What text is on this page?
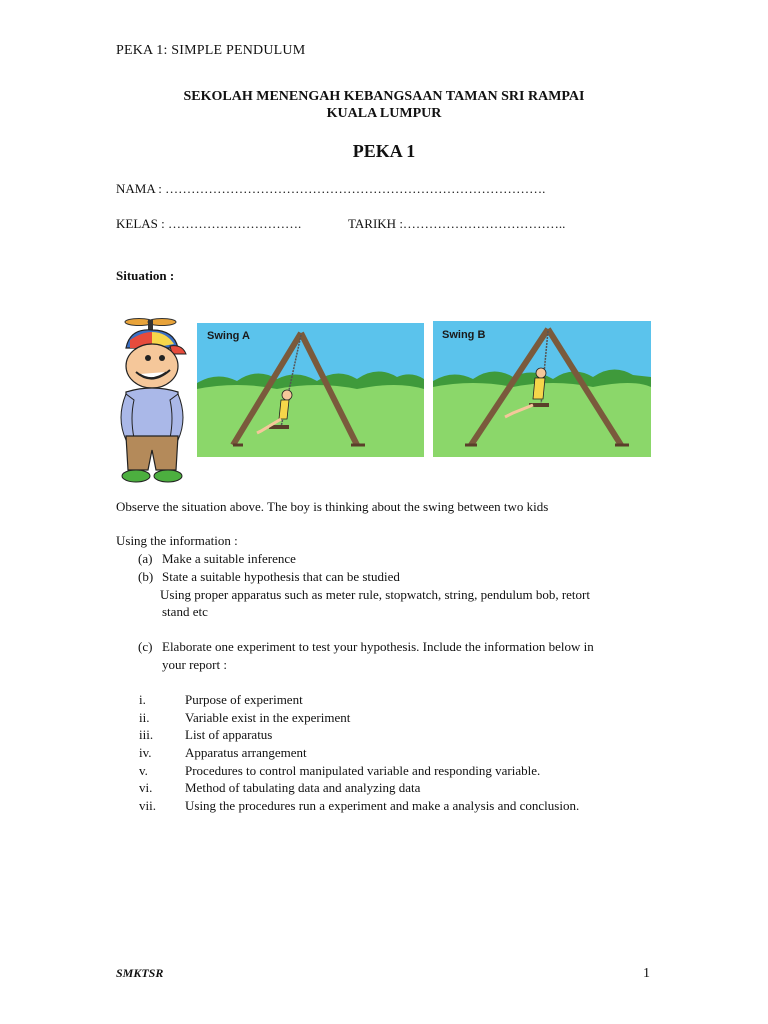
PEKA 1: SIMPLE PENDULUM
SEKOLAH MENENGAH KEBANGSAAN TAMAN SRI RAMPAI
KUALA LUMPUR
PEKA 1
NAMA : …………………………………………………………………………….
KELAS : ………………………….	TARIKH :………………………………..
Situation :
Swing A	Swing B
Observe the situation above. The boy is thinking about the swing between two kids
Using the information :
(a) Make a suitable inference
(b) State a suitable hypothesis that can be studied
Using proper apparatus such as meter rule, stopwatch, string, pendulum bob, retort
stand etc
(c) Elaborate one experiment to test your hypothesis. Include the information below in
your report :
i.	Purpose of experiment
ii.	Variable exist in the experiment
iii. List of apparatus
iv.	Apparatus arrangement
v.	Procedures to control manipulated variable and responding variable.
vi.	Method of tabulating data and analyzing data
vii. Using the procedures run a experiment and make a analysis and conclusion.
SMKTSR	1
